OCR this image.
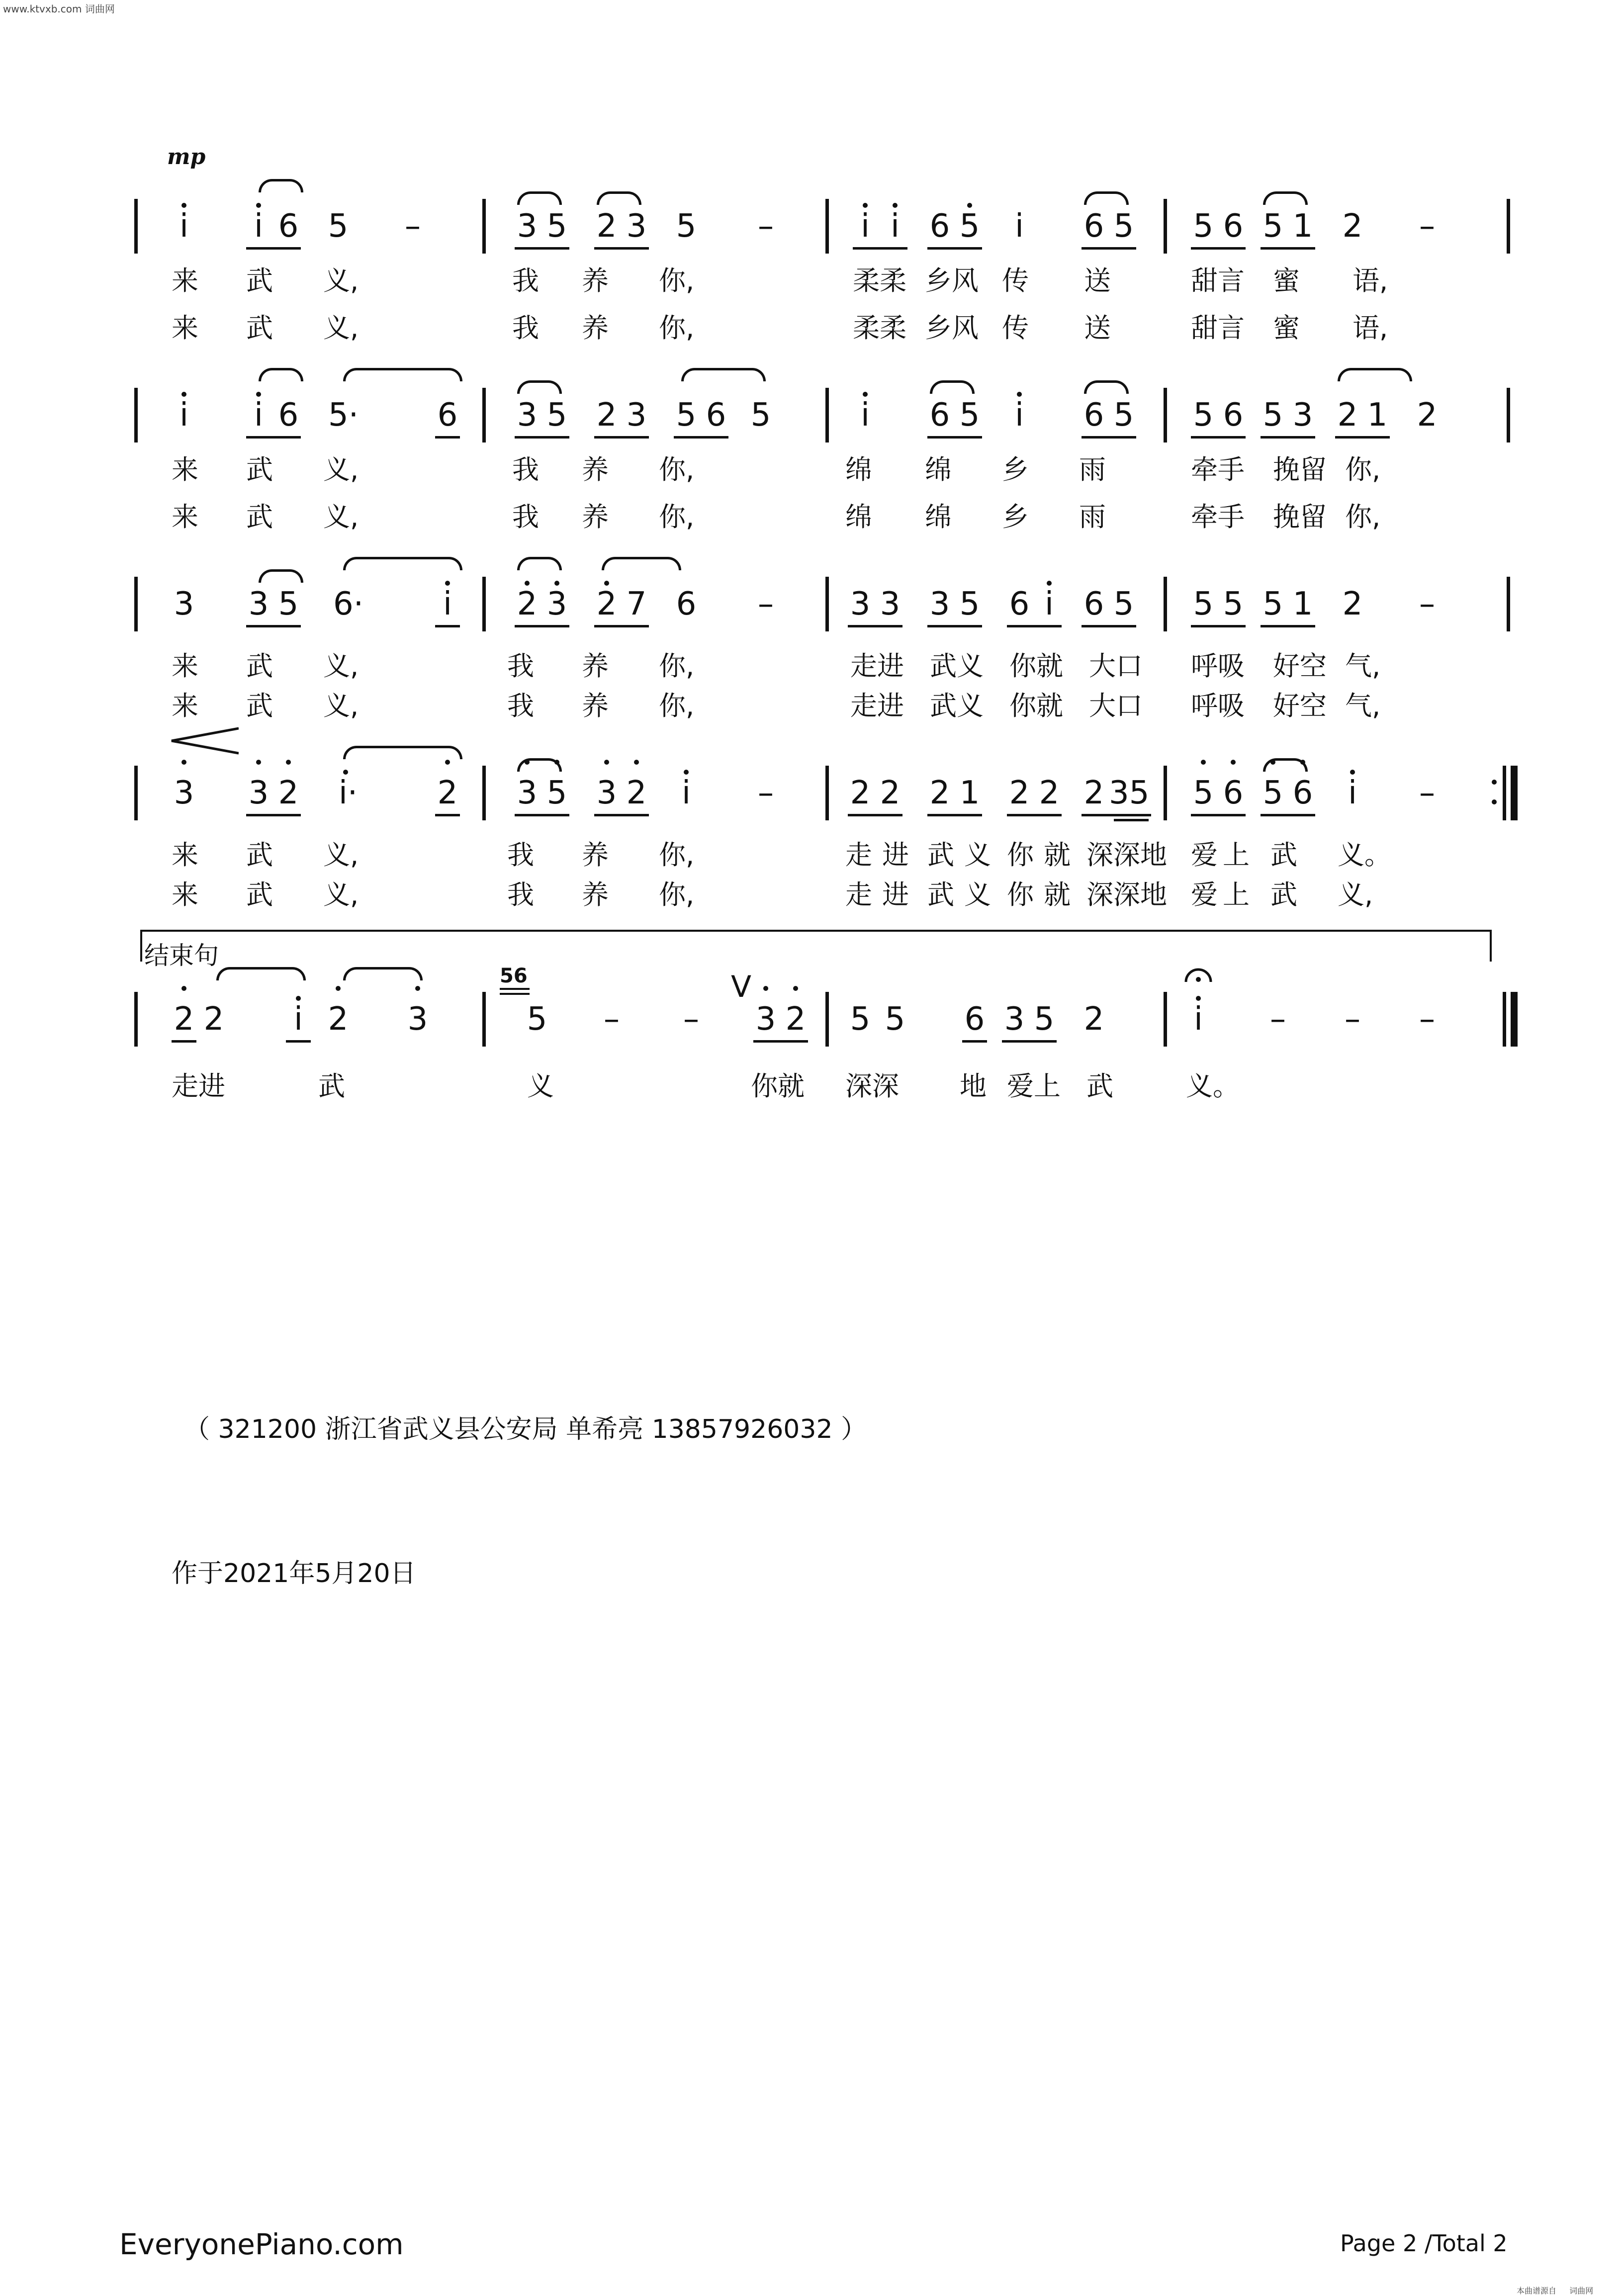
www.ktvxb.com 词曲网
mp
i	i 6 5 –	3 5 2 3 5 –	i i 6 5	i	6 5 5 6 5 1 2 –
来 武 义,	我 养 你,	柔柔 乡风 传 送	甜言 蜜 语,
来 武 义,	我 养 你,	柔柔 乡风 传 送	甜言 蜜 语,
i	i 6 5· 6 3 5 2 3 5 6 5	i	6 5	i	6 5 5 6 5 3 2 1 2
来 武 义,	我 养 你,	绵 绵 乡 雨	牵手 挽留 你,
来 武 义,	我 养 你,	绵 绵 乡 雨	牵手 挽留 你,
3 3 5 6·	i	2 3 2 7 6 – 3 3 3 5 6 i 6 5 5 5 5 1 2 –
来 武 义,	我 养 你,	走进 武义 你就 大口 呼吸 好空 气,
来 武 义,	我 养 你,	走进 武义 你就 大口 呼吸 好空 气,
3 3 2 i·	2 3 5 3 2	i	– 2 2 2 1 2 2 2 35 5 6 5 6	i	–
来 武 义,	我 养 你,	走进 武义 你就 深深地 爱上 武 义。
来 武 义,	我 养 你,	走进 武义 你就 深深地 爱上 武 义,
结束句
2 2	i 2 3	5 – – 3 2 5 5 6 3 5 2	i	– – –
56	V
走进	武	义	你就 深深 地 爱上 武	义。
（ 321200 浙江省武义县公安局 单希亮 13857926032 ）
作于2021年5月20日
EveryonePiano.com	Page 2 /Total 2
本曲谱源自 　 词曲网
